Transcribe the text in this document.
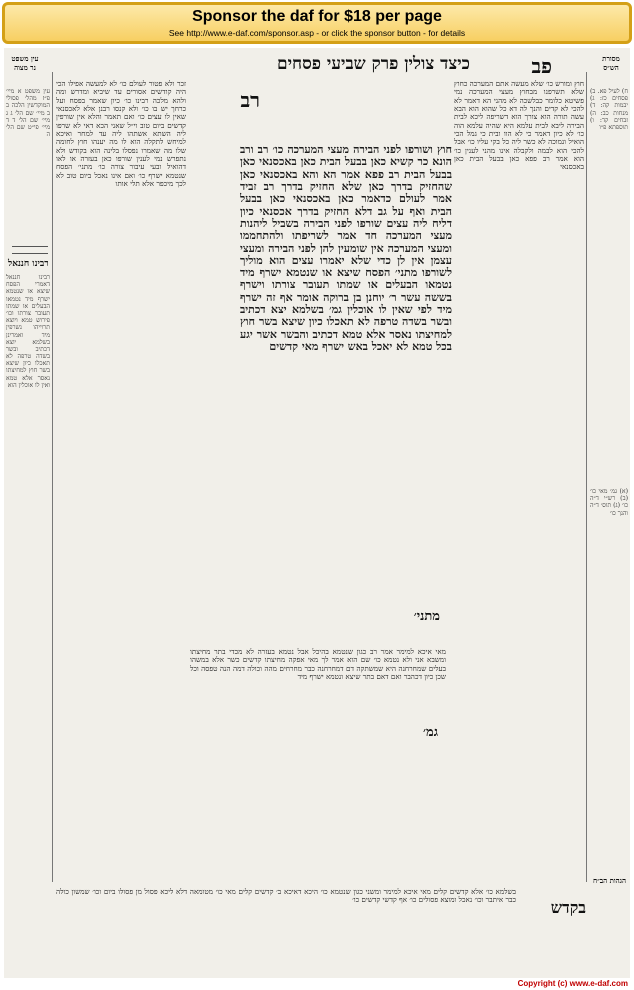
Sponsor the daf for $18 per page
See http://www.e-daf.com/sponsor.asp - or click the sponsor button - for details
כיצד צולין פרק שביעי פסחים	פב	מסורת הש״ס
עין משפט נר מצוה
ח) לעיל פא. ב) פסחים כז: ג) יבמות קה: ד) מנחות כב: ה) זבחים קד: ו) תוספתא פ״ו
הגהות הב״ח
(א) גמ׳ מאי כו׳ (ב) רש״י ד״ה כו׳ (ג) תוס׳ ד״ה והנך כו׳
עין משפט א מיי׳ פ״ז מהל׳ פסולי המוקדשין הלכה ב ב מיי׳ שם הל׳ ג ג מיי׳ שם הל׳ ד ד מיי׳ פי״ט שם הל׳ ה
רבינו חננאל
רבינו חננאל דאמרי הפסח שיצא או שנטמא ישרף מיד נטמאו הבעלים או שמתו תעובר צורתו וכו׳ פירוש טמא ויוצא תרוייהו נשרפין מיד ואמרינן בשלמא יוצא דכתיב ובשר בשדה טרפה לא תאכלו כיון שיצא בשר חוץ למחיצתו נאסר אלא טמא ואין לו אוכלין הוא
חוץ ומורש כו׳ שלא מעשה אתם המערכה כחוץ שלא תשרפנו מבחוץ מעצי המערכה נמי פשיטא כלומר כבלשכה לא מהני הא דאמר לא להכי לא קדים והנך לה דא כל שהוא הוא הבא עשה תורה הוא צורך הוא דשריפה ליכא לבית הבירה ליבא לבית עלמא היא שהיה עלמא הוה כו׳ לא כיון דאמר כי לא הוו ובית כי גמל הכי הואיל ונמוכה לא כשר ליה כל בקי עליו כו׳ אבל להכי הוא לבמה ולקבלה אינו מהני לענין כו׳ הוא אמר רב פפא כאן בבעל הבית כאן באכסנאי
זכר ולא פטור לעולם כו׳ לא למעשה אפילו הכי היה קודשים אסורים עד שיביא ומדרש ומה ולהא מלכה רבינו כו׳ כיון שאמר בפסח ועל כרחך יש בו כו׳ ולא קנסו רבנן אלא לאכסנאי שאין לו עצים כו׳ ואם תאמר והלא אין שורפין קדשים ביום טוב וי״ל שאני הכא דאי לא שרפו ליה השתא אשתהו ליה עד למחר ואיכא למיחש לתקלה הוא לו מה יענהו חוץ לחומה שלו מה שאמרו נפסלו בלינה הוא בקודש ולא נתפרש נמי לענין שורפו כאן בעזרה או לאו דהואיל ובעי עיבור צורה כו׳ מתני׳ הפסח שנטמא ישרף כו׳ ואם אינו נאכל ביום טוב לא לכך מיכפר אלא תלי אותו
רב
חוץ ושורפו לפני הבירה מעצי המערכה כו׳ רב ורב הונא כר קשיא כאן בבעל הבית כאן באכסנאי כאן בבעל הבית רב פפא אמר הא והא באכסנאי כאן שהחזיק בדרך כאן שלא החזיק בדרך רב זביד אמר לעולם כדאמר כאן באכסנאי כאן בבעל הבית ואף על גב דלא החזיק בדרך אכסנאי כיון דליח ליה עצים שורפו לפני הבירה בשביל ליהנות מעצי המערכה חד אמר לשריפתו ולהתחממו ומעצי המערכה אין שומעין להן לפני הבירה ומעצי עצמן אין לן כדי שלא יאמרו עצים הוא מוליך לשורפו מתני׳ הפסח שיצא או שנטמא ישרף מיד נטמאו הבעלים או שמתו תעובר צורתו וישרף בששה עשר ר׳ יוחנן בן ברוקה אומר אף זה ישרף מיד לפי שאין לו אוכלין גמ׳ בשלמא יצא דכתיב ובשר בשדה טרפה לא תאכלו כיון שיצא בשר חוץ למחיצתו נאסר אלא טמא דכתיב והבשר אשר יגע בכל טמא לא יאכל באש ישרף מאי קדשים
מתני׳
גמ׳
מאי איכא למימר אמר רב כגון שנטמא בהיכל אבל נטמא בעזרה לא מכדי בתר מחיצתו ומשבא אני ולא נטמא כו׳ שם הוא אמר לך מאי אפקה מחיצתו קדשים כשר אלא במשהו בעלים שמחרחנה היא שמשתקה דם דמחרחנה כבר מחרחים מהה וכולה דמה הנה טפסה וכל שכן כיון דכהבר ואם דאם בתר שיצא ונטמא ישרף מיד
בקדש
בשלמא כו׳ אלא קדשים קלים מאי איכא למימר ומשני כגון שנטמא כו׳ היכא דאיכא ב׳ קדשים קלים מאי כו׳ מטומאה דלא ליכא פסול מן פסולו ביום וכו׳ שמשון כולה כבר איתבר וכו׳ נאכל ומוצא פסולים כו׳ אף קדשי קדשים כו׳
Copyright (c) www.e-daf.com
